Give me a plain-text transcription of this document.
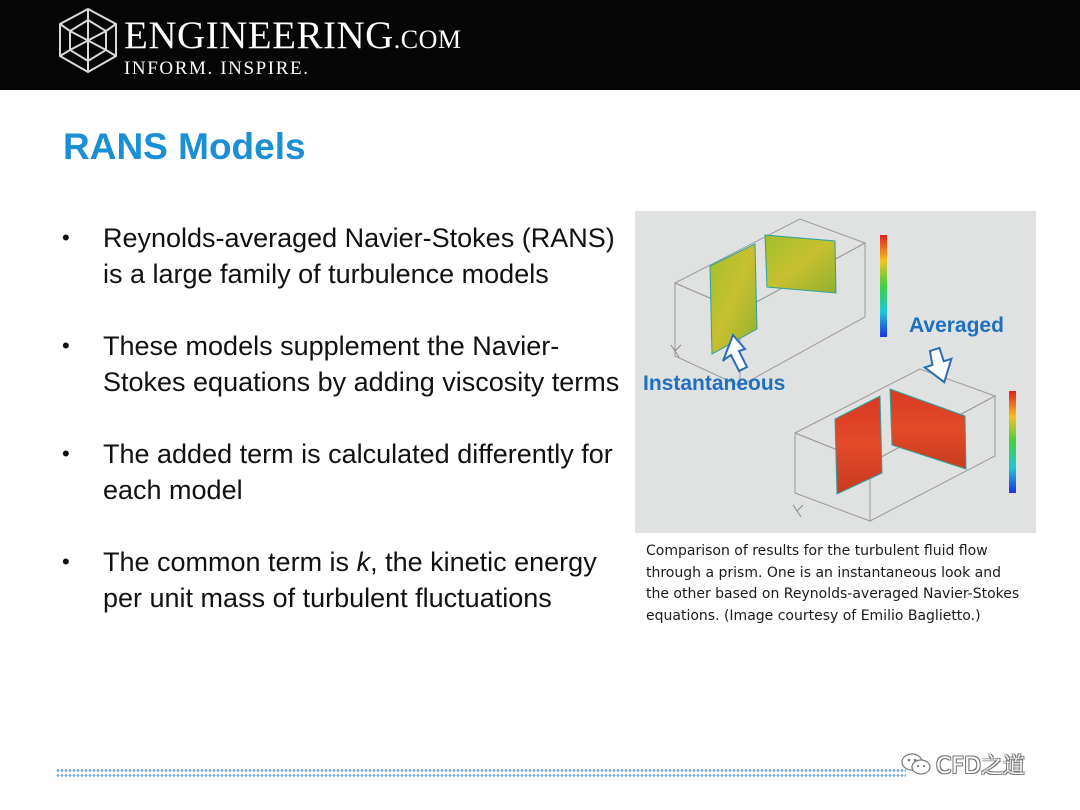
ENGINEERING.COM
INFORM. INSPIRE.
RANS Models
• Reynolds-averaged Navier-Stokes (RANS) is a large family of turbulence models
• These models supplement the Navier-Stokes equations by adding viscosity terms
• The added term is calculated differently for each model
• The common term is k, the kinetic energy per unit mass of turbulent fluctuations
Averaged
Instantaneous

Comparison of results for the turbulent fluid flow through a prism. One is an instantaneous look and the other based on Reynolds-averaged Navier-Stokes equations. (Image courtesy of Emilio Baglietto.)

CFD之道
